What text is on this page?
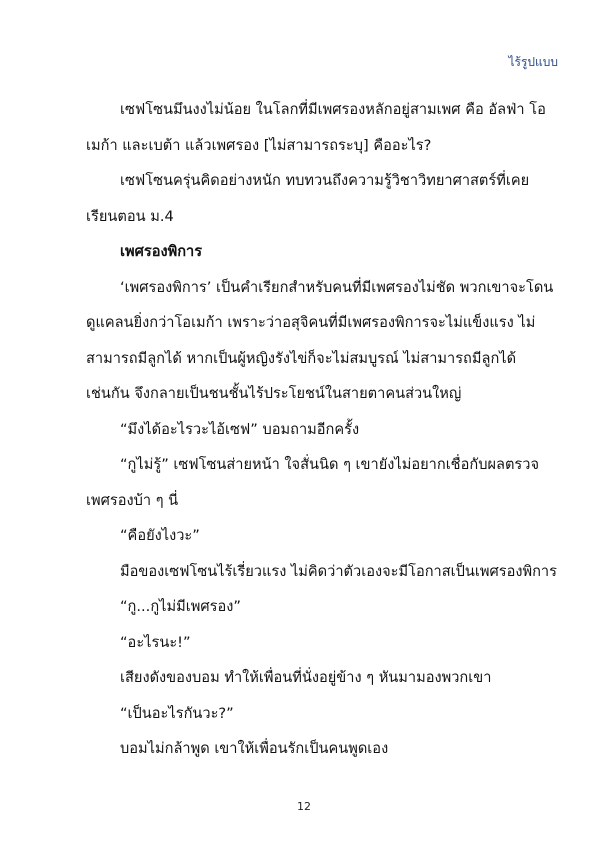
ไร้รูปแบบ

เซฟโซนมึนงงไม่น้อย ในโลกที่มีเพศรองหลักอยู่สามเพศ คือ อัลฟ่า โอ

เมก้า และเบต้า แล้วเพศรอง [ไม่สามารถระบุ] คืออะไร?

เซฟโซนครุ่นคิดอย่างหนัก ทบทวนถึงความรู้วิชาวิทยาศาสตร์ที่เคย

เรียนตอน ม.4

เพศรองพิการ

‘เพศรองพิการ’ เป็นคำเรียกสำหรับคนที่มีเพศรองไม่ชัด พวกเขาจะโดน

ดูแคลนยิ่งกว่าโอเมก้า เพราะว่าอสุจิคนที่มีเพศรองพิการจะไม่แข็งแรง ไม่

สามารถมีลูกได้ หากเป็นผู้หญิงรังไข่ก็จะไม่สมบูรณ์ ไม่สามารถมีลูกได้

เช่นกัน จึงกลายเป็นชนชั้นไร้ประโยชน์ในสายตาคนส่วนใหญ่

“มึงได้อะไรวะไอ้เซฟ” บอมถามอีกครั้ง

“กูไม่รู้” เซฟโซนส่ายหน้า ใจสั่นนิด ๆ เขายังไม่อยากเชื่อกับผลตรวจ

เพศรองบ้า ๆ นี่

“คือยังไงวะ”

มือของเซฟโซนไร้เรี่ยวแรง ไม่คิดว่าตัวเองจะมีโอกาสเป็นเพศรองพิการ

“กู...กูไม่มีเพศรอง”

“อะไรนะ!”

เสียงดังของบอม ทำให้เพื่อนที่นั่งอยู่ข้าง ๆ หันมามองพวกเขา

“เป็นอะไรกันวะ?”

บอมไม่กล้าพูด เขาให้เพื่อนรักเป็นคนพูดเอง

12
